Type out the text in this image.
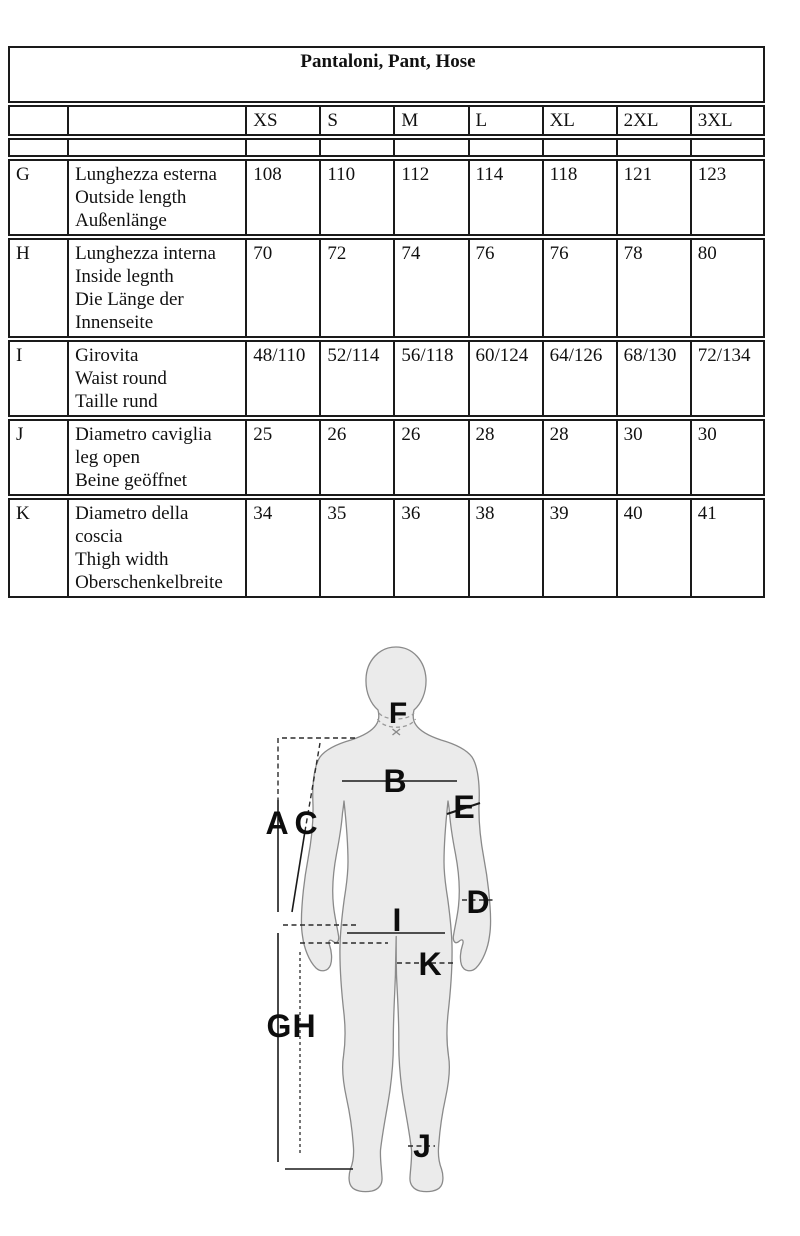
Pantaloni, Pant, Hose								
		XS	S	M	L	XL	2XL	3XL

G	Lunghezza esterna
Outside length
Außenlänge	108	110	112	114	118	121	123
H	Lunghezza interna
Inside legnth
Die Länge der
Innenseite	70	72	74	76	76	78	80
I	Girovita
Waist round
Taille rund	48/110	52/114	56/118	60/124	64/126	68/130	72/134
J	Diametro caviglia
leg open
Beine geöffnet	25	26	26	28	28	30	30
K	Diametro della
coscia
Thigh width
Oberschenkelbreite	34	35	36	38	39	40	41
F
B
E
A C
D
I
K
G H
J
